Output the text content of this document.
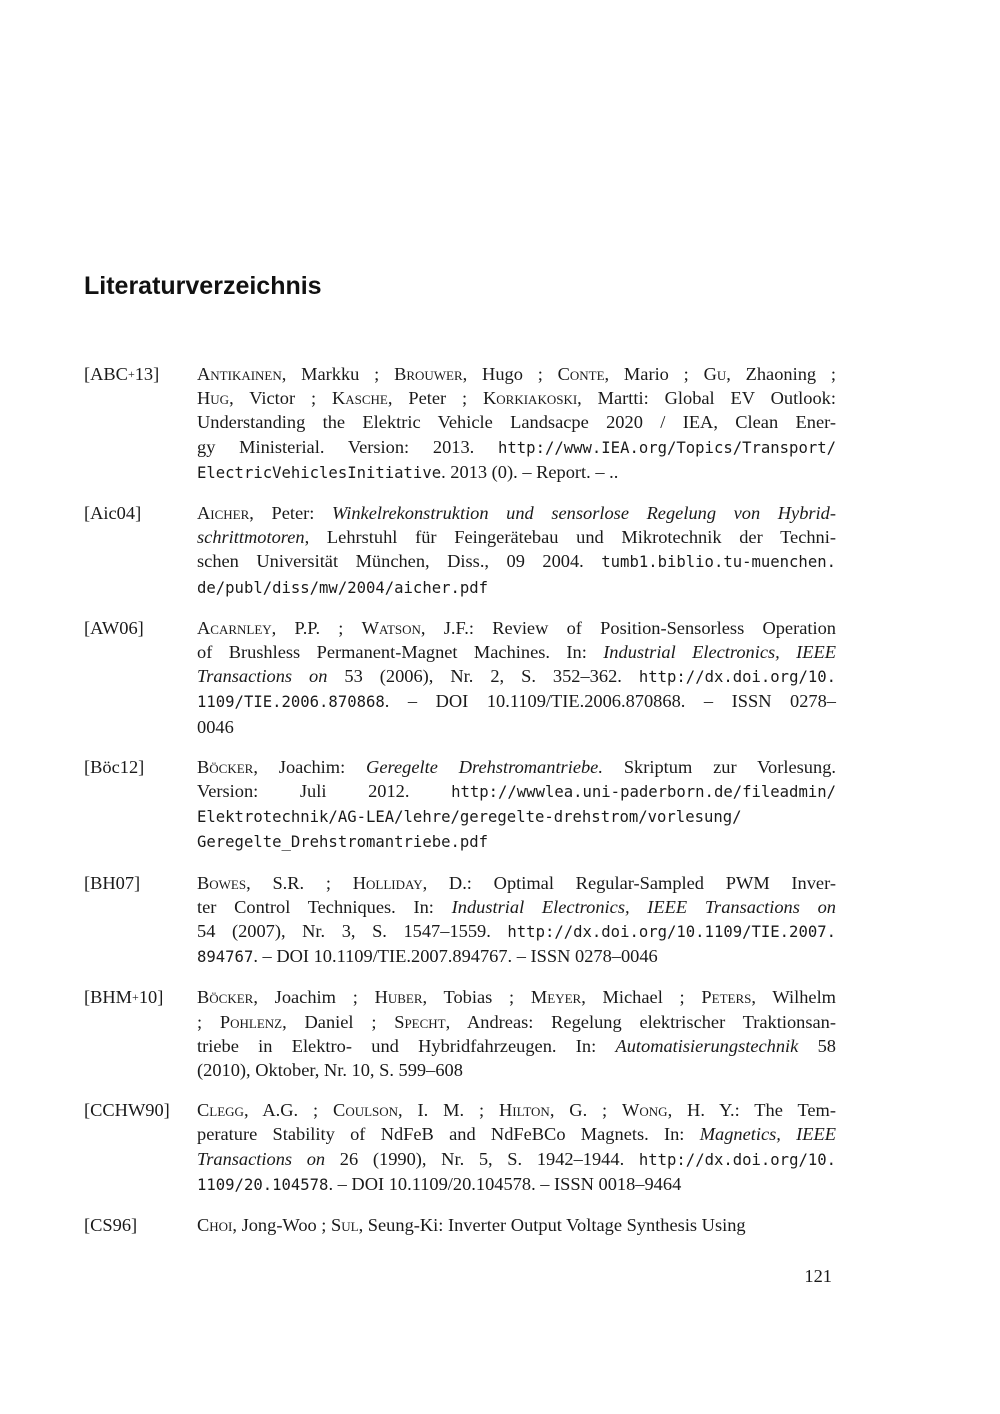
Literaturverzeichnis
[ABC+13] Antikainen, Markku ; Brouwer, Hugo ; Conte, Mario ; Gu, Zhaoning ;
Hug, Victor ; Kasche, Peter ; Korkiakoski, Martti: Global EV Outlook:
Understanding the Elektric Vehicle Landsacpe 2020 / IEA, Clean Ener-
gy Ministerial. Version: 2013. http://www.IEA.org/Topics/Transport/
ElectricVehiclesInitiative. 2013 (0). – Report. – ..
[Aic04]	Aicher, Peter: Winkelrekonstruktion und sensorlose Regelung von Hybrid-
schrittmotoren, Lehrstuhl für Feingerätebau und Mikrotechnik der Techni-
schen Universität München, Diss., 09 2004. tumb1.biblio.tu-muenchen.
de/publ/diss/mw/2004/aicher.pdf
[AW06]	Acarnley, P.P. ; Watson, J.F.: Review of Position-Sensorless Operation
of Brushless Permanent-Magnet Machines. In: Industrial Electronics, IEEE
Transactions on 53 (2006), Nr. 2, S. 352–362. http://dx.doi.org/10.
1109/TIE.2006.870868. – DOI 10.1109/TIE.2006.870868. – ISSN 0278–
0046
[Böc12]	Böcker, Joachim: Geregelte Drehstromantriebe. Skriptum zur Vorlesung.
Version: Juli 2012. http://wwwlea.uni-paderborn.de/fileadmin/
Elektrotechnik/AG-LEA/lehre/geregelte-drehstrom/vorlesung/
Geregelte_Drehstromantriebe.pdf
[BH07]	Bowes, S.R. ; Holliday, D.: Optimal Regular-Sampled PWM Inver-
ter Control Techniques. In: Industrial Electronics, IEEE Transactions on
54 (2007), Nr. 3, S. 1547–1559. http://dx.doi.org/10.1109/TIE.2007.
894767. – DOI 10.1109/TIE.2007.894767. – ISSN 0278–0046
[BHM+10] Böcker, Joachim ; Huber, Tobias ; Meyer, Michael ; Peters, Wilhelm
; Pohlenz, Daniel ; Specht, Andreas: Regelung elektrischer Traktionsan-
triebe in Elektro- und Hybridfahrzeugen. In: Automatisierungstechnik 58
(2010), Oktober, Nr. 10, S. 599–608
[CCHW90] Clegg, A.G. ; Coulson, I. M. ; Hilton, G. ; Wong, H. Y.: The Tem-
perature Stability of NdFeB and NdFeBCo Magnets. In: Magnetics, IEEE
Transactions on 26 (1990), Nr. 5, S. 1942–1944. http://dx.doi.org/10.
1109/20.104578. – DOI 10.1109/20.104578. – ISSN 0018–9464
[CS96]	Choi, Jong-Woo ; Sul, Seung-Ki: Inverter Output Voltage Synthesis Using
121
